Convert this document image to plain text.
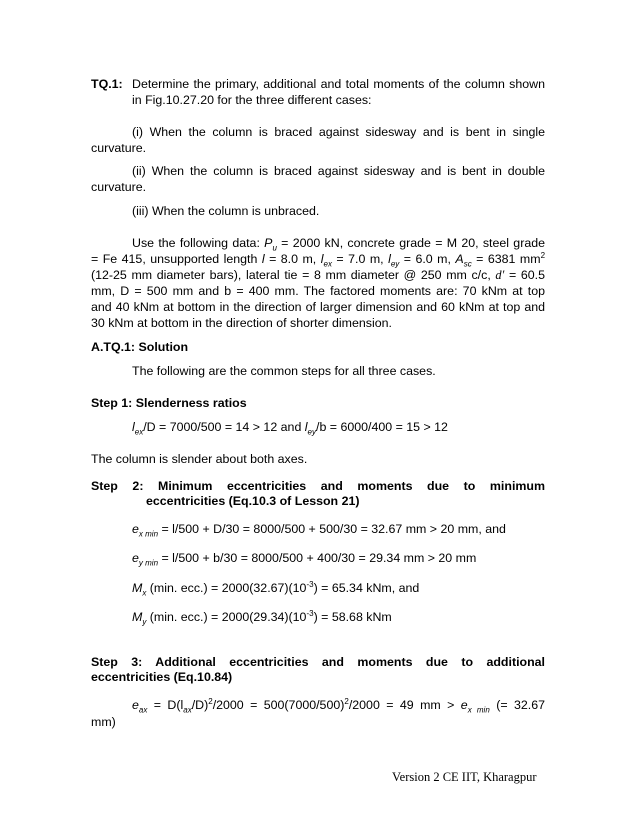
TQ.1: Determine the primary, additional and total moments of the column shown
in Fig.10.27.20 for the three different cases:
(i) When the column is braced against sidesway and is bent in single
curvature.
(ii) When the column is braced against sidesway and is bent in double
curvature.
(iii) When the column is unbraced.
Use the following data: $P_u = 2000$ kN, concrete grade = M 20, steel grade
= Fe 415, unsupported length l = 8.0 m, $l_{ex} = 7.0$ m, $l_{ey} = 6.0$ m, $A_{sc} = 6381$ $mm^2$
(12-25 mm diameter bars), lateral tie = 8 mm diameter @ 250 mm c/c, d′ = 60.5
mm, D = 500 mm and b = 400 mm. The factored moments are: 70 kNm at top
and 40 kNm at bottom in the direction of larger dimension and 60 kNm at top and
30 kNm at bottom in the direction of shorter dimension.
A.TQ.1: Solution
The following are the common steps for all three cases.
Step 1: Slenderness ratios
$l_{ex}/D = 7000/500 = 14 > 12$ and $l_{ey}/b = 6000/400 = 15 > 12$
The column is slender about both axes.
Step 2: Minimum eccentricities and moments due to minimum
eccentricities (Eq.10.3 of Lesson 21)
$e_{x min} = l/500 + D/30 = 8000/500 + 500/30 = 32.67$ mm > 20 mm, and
$e_{y min} = l/500 + b/30 = 8000/500 + 400/30 = 29.34$ mm > 20 mm
$M_x$ (min. $ecc.) = 2000(32.67)(10^{-3}) = 65.34$ kNm, and
$M_y$ (min. $ecc.) = 2000(29.34)(10^{-3}) = 58.68$ kNm
Step 3: Additional eccentricities and moments due to additional
eccentricities (Eq.10.84)
$e_{ax} = D(l_{ax}/D)^2/2000 = 500(7000/500)^2/2000 = 49$ mm > $e_{x min}$ (= 32.67
mm)
Version 2 CE IIT, Kharagpur
